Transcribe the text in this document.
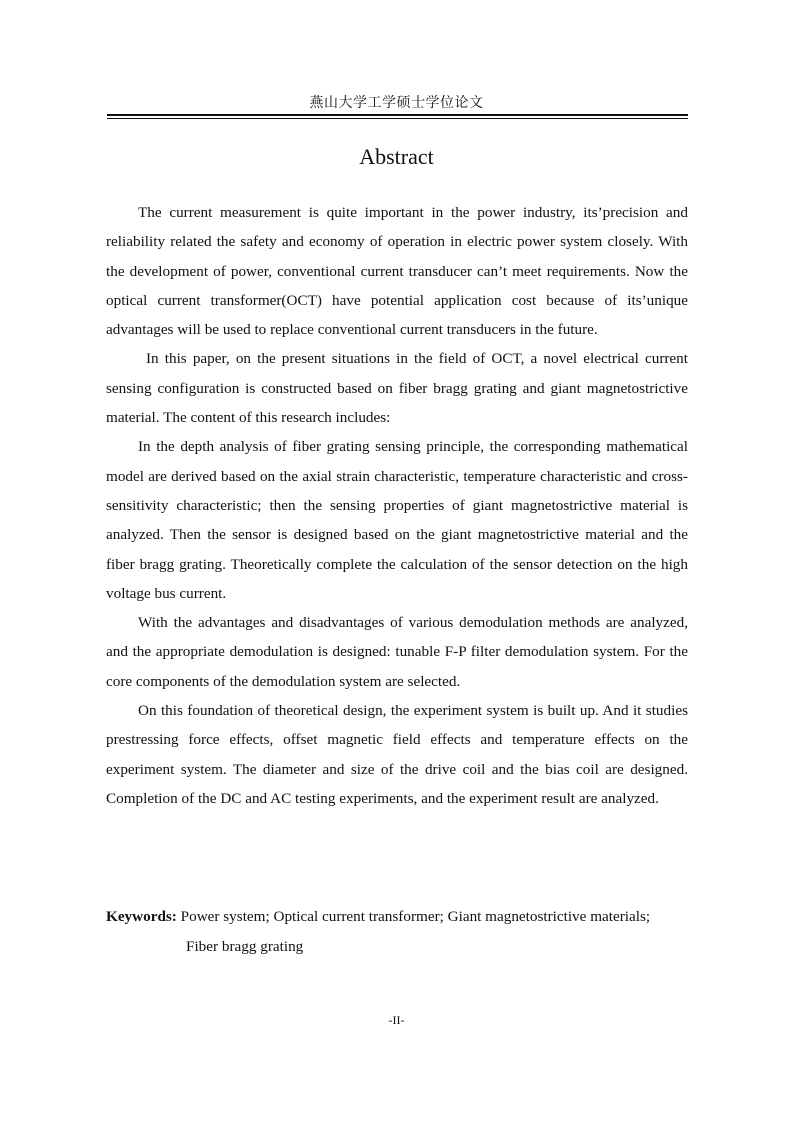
燕山大学工学硕士学位论文
Abstract

The current measurement is quite important in the power industry, its’precision and reliability related the safety and economy of operation in electric power system closely. With the development of power, conventional current transducer can’t meet requirements. Now the optical current transformer(OCT) have potential application cost because of its’unique advantages will be used to replace conventional current transducers in the future.

In this paper, on the present situations in the field of OCT, a novel electrical current sensing configuration is constructed based on fiber bragg grating and giant magnetostrictive material. The content of this research includes:

In the depth analysis of fiber grating sensing principle, the corresponding mathematical model are derived based on the axial strain characteristic, temperature characteristic and cross-sensitivity characteristic; then the sensing properties of giant magnetostrictive material is analyzed. Then the sensor is designed based on the giant magnetostrictive material and the fiber bragg grating. Theoretically complete the calculation of the sensor detection on the high voltage bus current.

With the advantages and disadvantages of various demodulation methods are analyzed, and the appropriate demodulation is designed: tunable F-P filter demodulation system. For the core components of the demodulation system are selected.

On this foundation of theoretical design, the experiment system is built up. And it studies prestressing force effects, offset magnetic field effects and temperature effects on the experiment system. The diameter and size of the drive coil and the bias coil are designed. Completion of the DC and AC testing experiments, and the experiment result are analyzed.

Keywords: Power system; Optical current transformer; Giant magnetostrictive materials;
Fiber bragg grating
-II-
